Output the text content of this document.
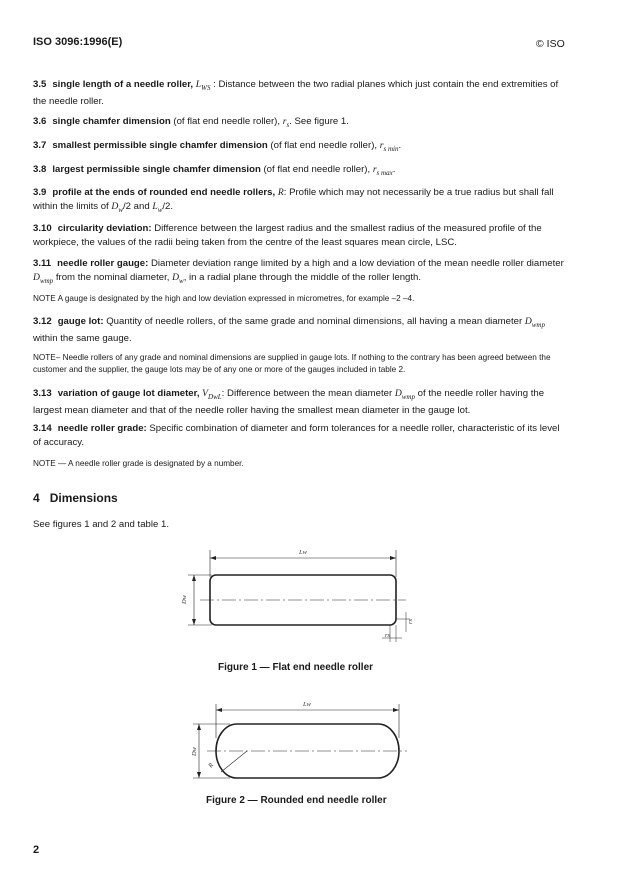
ISO 3096:1996(E)	© ISO
3.5 single length of a needle roller, $L_{WS}$ : Distance between the two radial planes which just contain the end extremities of the needle roller.
3.6 single chamfer dimension (of flat end needle roller), $r_s$. See figure 1.
3.7 smallest permissible single chamfer dimension (of flat end needle roller), $r_{s min}$.
3.8 largest permissible single chamfer dimension (of flat end needle roller), $r_{s max}$.
3.9 profile at the ends of rounded end needle rollers, R: Profile which may not necessarily be a true radius but shall fall within the limits of $D_w/2$ and $L_w/2$.
3.10 circularity deviation: Difference between the largest radius and the smallest radius of the measured profile of the workpiece, the values of the radii being taken from the centre of the least squares mean circle, LSC.
3.11 needle roller gauge: Diameter deviation range limited by a high and a low deviation of the mean needle roller diameter $D_{wmp}$ from the nominal diameter, $D_w$, in a radial plane through the middle of the roller length.
NOTE A gauge is designated by the high and low deviation expressed in micrometres, for example –2 –4.
3.12 gauge lot: Quantity of needle rollers, of the same grade and nominal dimensions, all having a mean diameter $D_{wmp}$ within the same gauge.
NOTE– Needle rollers of any grade and nominal dimensions are supplied in gauge lots. If nothing to the contrary has been agreed between the customer and the supplier, the gauge lots may be of any one or more of the gauges included in table 2.
3.13 variation of gauge lot diameter, $V_{DwL}$: Difference between the mean diameter $D_{wmp}$ of the needle roller having the largest mean diameter and that of the needle roller having the smallest mean diameter in the gauge lot.
3.14 needle roller grade: Specific combination of diameter and form tolerances for a needle roller, characteristic of its level of accuracy.
NOTE — A needle roller grade is designated by a number.
4 Dimensions
See figures 1 and 2 and table 1.
Lw
Dw
rs
rs
Figure 1 — Flat end needle roller
Lw
Dw
R
Figure 2 — Rounded end needle roller
2
